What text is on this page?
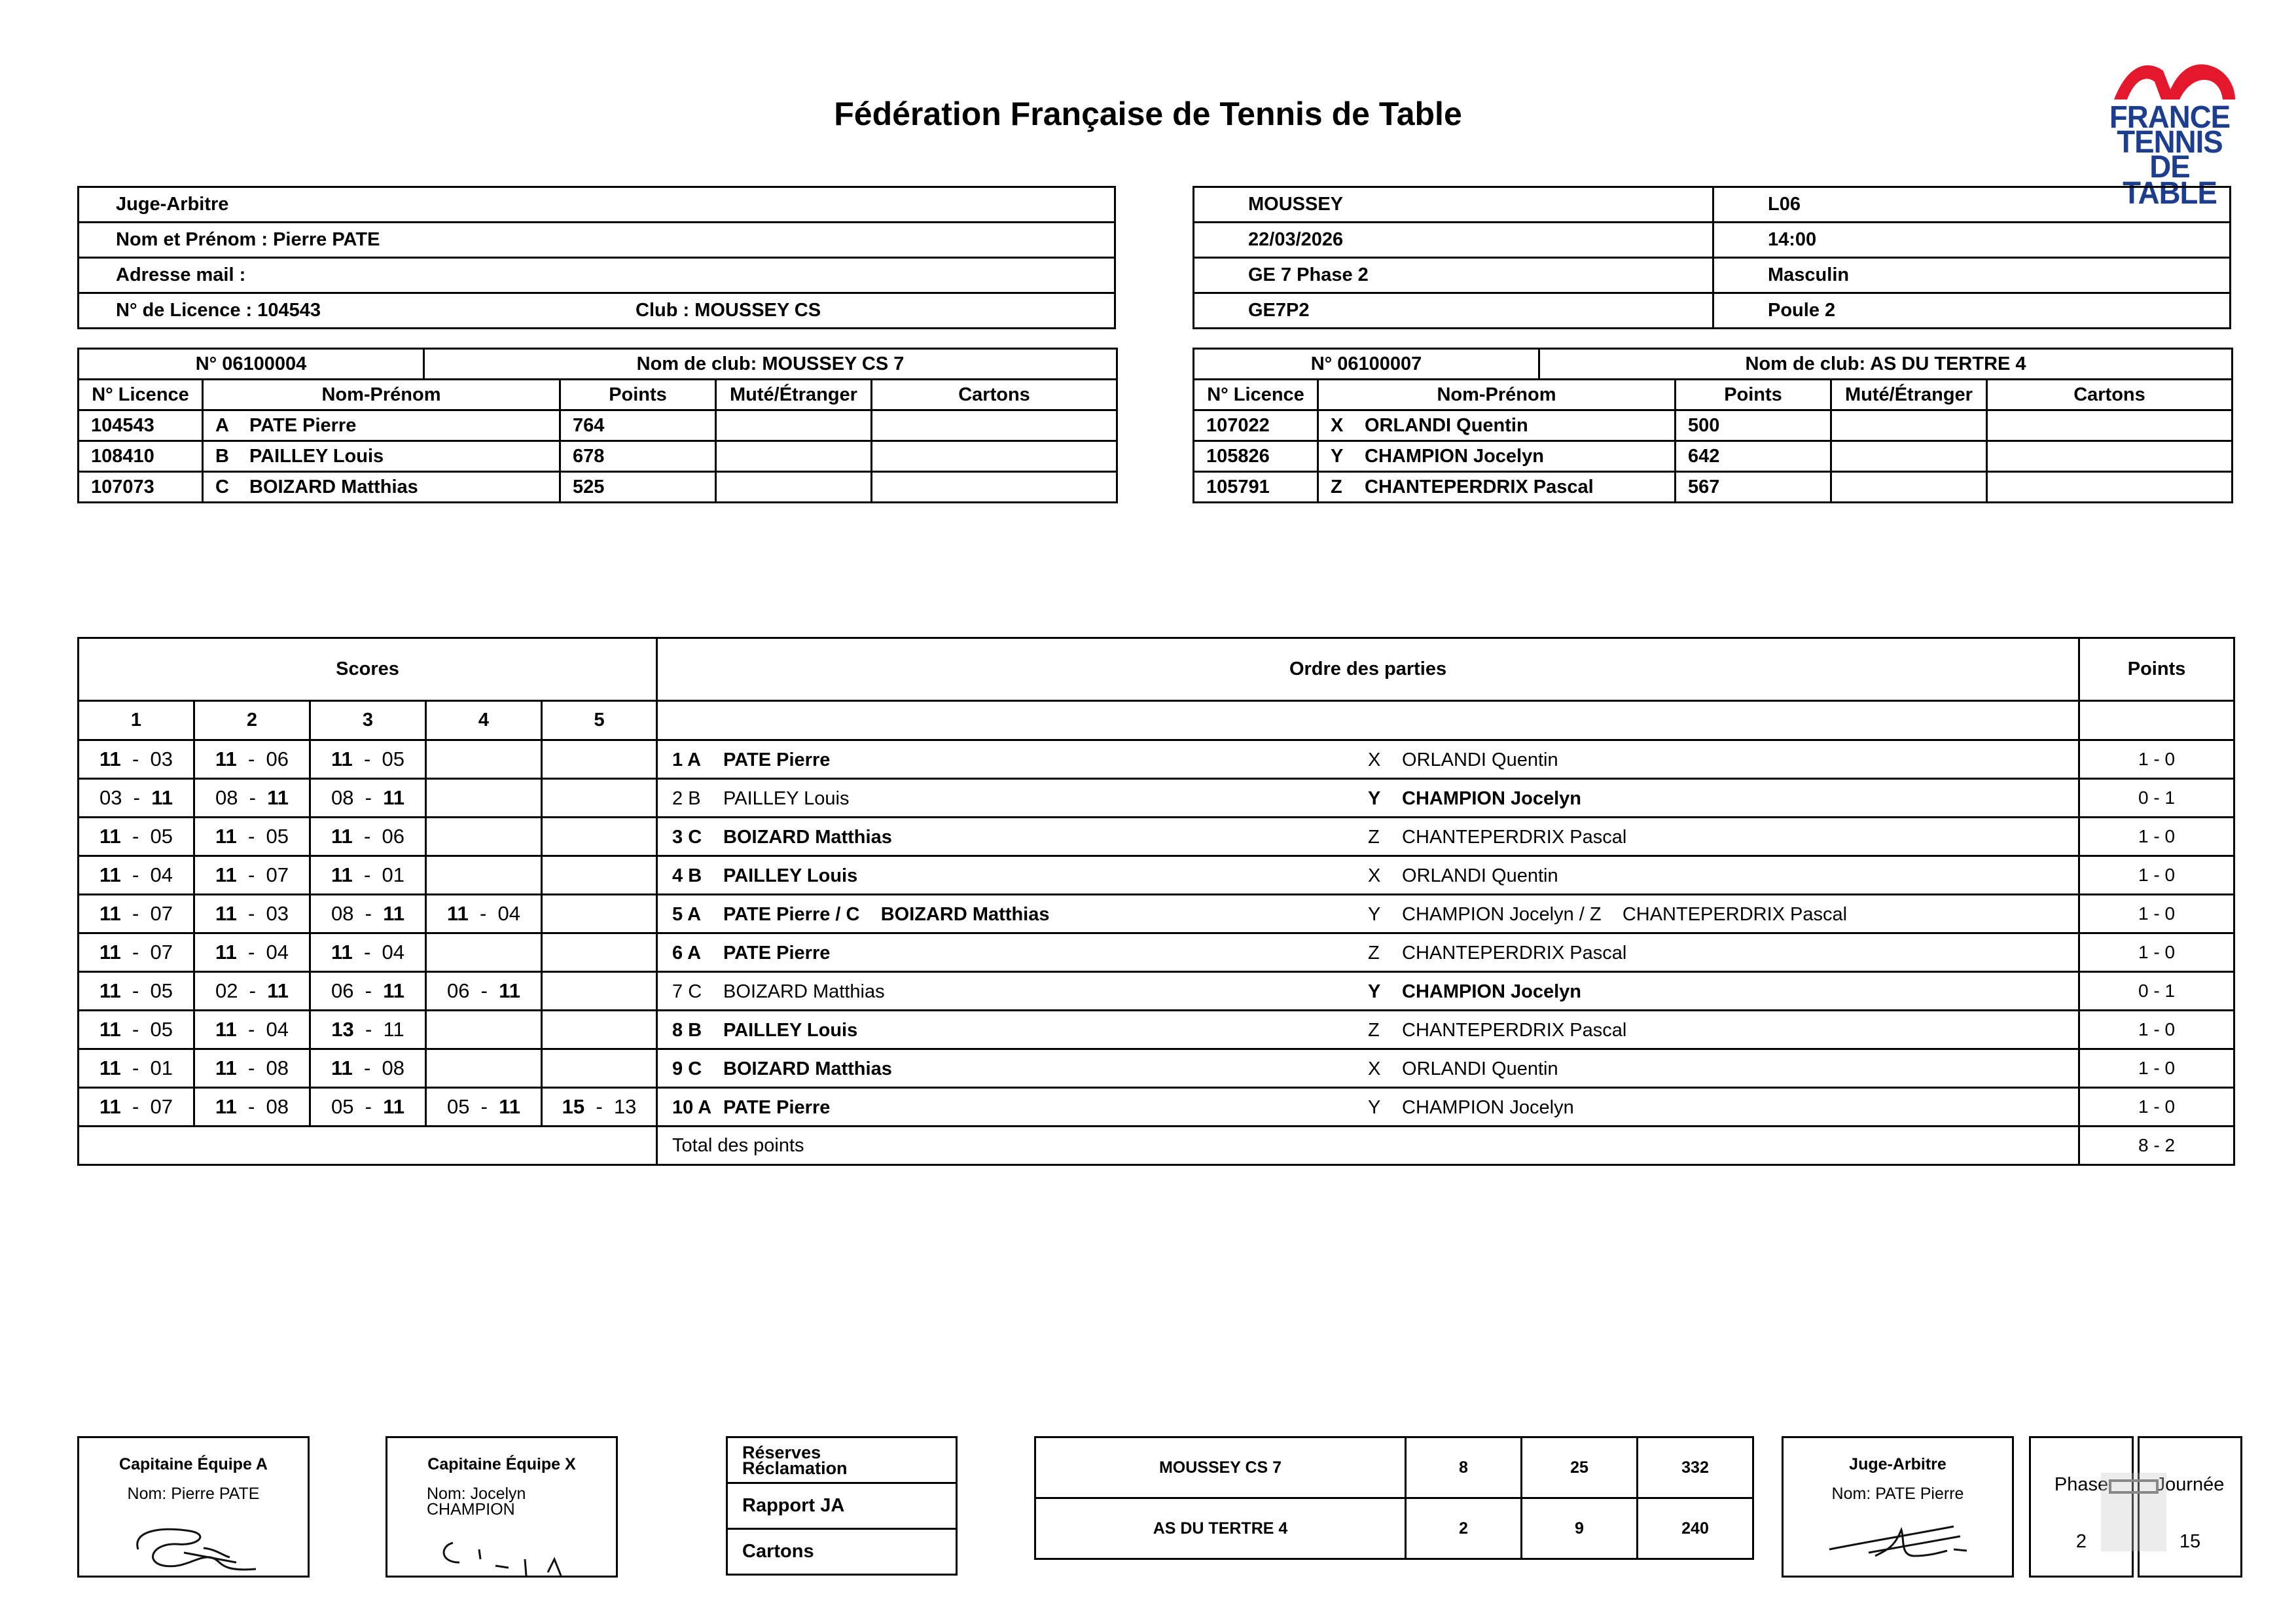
Fédération Française de Tennis de Table	FRANCE
TENNIS
DE TABLE
Juge-Arbitre
Nom et Prénom : Pierre PATE
Adresse mail :
N° de Licence : 104543	Club : MOUSSEY CS
MOUSSEY	L06
22/03/2026	14:00
GE 7 Phase 2	Masculin
GE7P2	Poule 2
N° 06100004		Nom de club: MOUSSEY CS 7			
N° Licence	Nom-Prénom		Points	Muté/Étranger	Cartons
104543	A PATE Pierre		764		
108410	B PAILLEY Louis		678		
107073	C BOIZARD Matthias		525		
N° 06100007		Nom de club: AS DU TERTRE 4			
N° Licence	Nom-Prénom		Points	Muté/Étranger	Cartons
107022	X ORLANDI Quentin		500		
105826	Y CHAMPION Jocelyn		642		
105791	Z CHANTEPERDRIX Pascal		567		
Scores					Ordre des parties	Points
1	2	3	4	5		
11  -  03	11  -  06	11  -  05			1 A PATE Pierre X ORLANDI Quentin	1 - 0
03  -  11	08  -  11	08  -  11			2 B PAILLEY Louis Y CHAMPION Jocelyn	0 - 1
11  -  05	11  -  05	11  -  06			3 C BOIZARD Matthias Z CHANTEPERDRIX Pascal	1 - 0
11  -  04	11  -  07	11  -  01			4 B PAILLEY Louis X ORLANDI Quentin	1 - 0
11  -  07	11  -  03	08  -  11	11  -  04		5 A PATE Pierre / C    BOIZARD Matthias Y CHAMPION Jocelyn / Z    CHANTEPERDRIX Pascal	1 - 0
11  -  07	11  -  04	11  -  04			6 A PATE Pierre Z CHANTEPERDRIX Pascal	1 - 0
11  -  05	02  -  11	06  -  11	06  -  11		7 C BOIZARD Matthias Y CHAMPION Jocelyn	0 - 1
11  -  05	11  -  04	13  -  11			8 B PAILLEY Louis Z CHANTEPERDRIX Pascal	1 - 0
11  -  01	11  -  08	11  -  08			9 C BOIZARD Matthias X ORLANDI Quentin	1 - 0
11  -  07	11  -  08	05  -  11	05  -  11	15  -  13	10 A PATE Pierre Y CHAMPION Jocelyn	1 - 0
					Total des points	8 - 2
Capitaine Équipe A
Nom: Pierre PATE
Capitaine Équipe X
Nom: Jocelyn
CHAMPION
Réserves
Réclamation

Rapport JA
Cartons
MOUSSEY CS 7	8	25	332
AS DU TERTRE 4	2	9	240
Juge-Arbitre
Nom: PATE Pierre	Phase
2
Journée
15
